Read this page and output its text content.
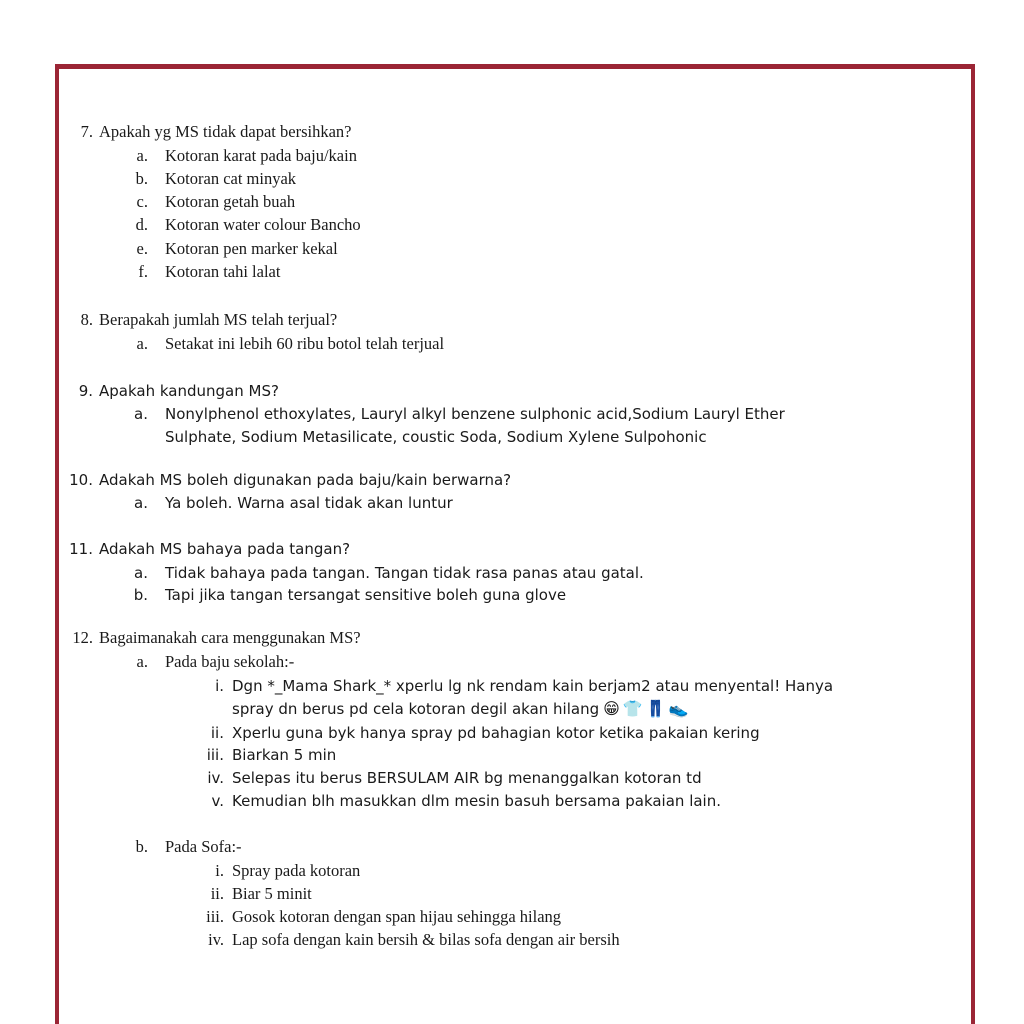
7. Apakah yg MS tidak dapat bersihkan?
a. Kotoran karat pada baju/kain
b. Kotoran cat minyak
c. Kotoran getah buah
d. Kotoran water colour Bancho
e. Kotoran pen marker kekal
f. Kotoran tahi lalat
8. Berapakah jumlah MS telah terjual?
a. Setakat ini lebih 60 ribu botol telah terjual
9. Apakah kandungan MS?
a. Nonylphenol ethoxylates, Lauryl alkyl benzene sulphonic acid,Sodium Lauryl Ether
Sulphate, Sodium Metasilicate, coustic Soda, Sodium Xylene Sulpohonic
10. Adakah MS boleh digunakan pada baju/kain berwarna?
a. Ya boleh. Warna asal tidak akan luntur
11. Adakah MS bahaya pada tangan?
a. Tidak bahaya pada tangan. Tangan tidak rasa panas atau gatal.
b. Tapi jika tangan tersangat sensitive boleh guna glove
12. Bagaimanakah cara menggunakan MS?
a. Pada baju sekolah:-
i. Dgn *_Mama Shark_* xperlu lg nk rendam kain berjam2 atau menyental! Hanya
spray dn berus pd cela kotoran degil akan hilang 😁👕👖👟
ii. Xperlu guna byk hanya spray pd bahagian kotor ketika pakaian kering
iii. Biarkan 5 min
iv. Selepas itu berus BERSULAM AIR bg menanggalkan kotoran td
v. Kemudian blh masukkan dlm mesin basuh bersama pakaian lain.
b. Pada Sofa:-
i. Spray pada kotoran
ii. Biar 5 minit
iii. Gosok kotoran dengan span hijau sehingga hilang
iv. Lap sofa dengan kain bersih & bilas sofa dengan air bersih
